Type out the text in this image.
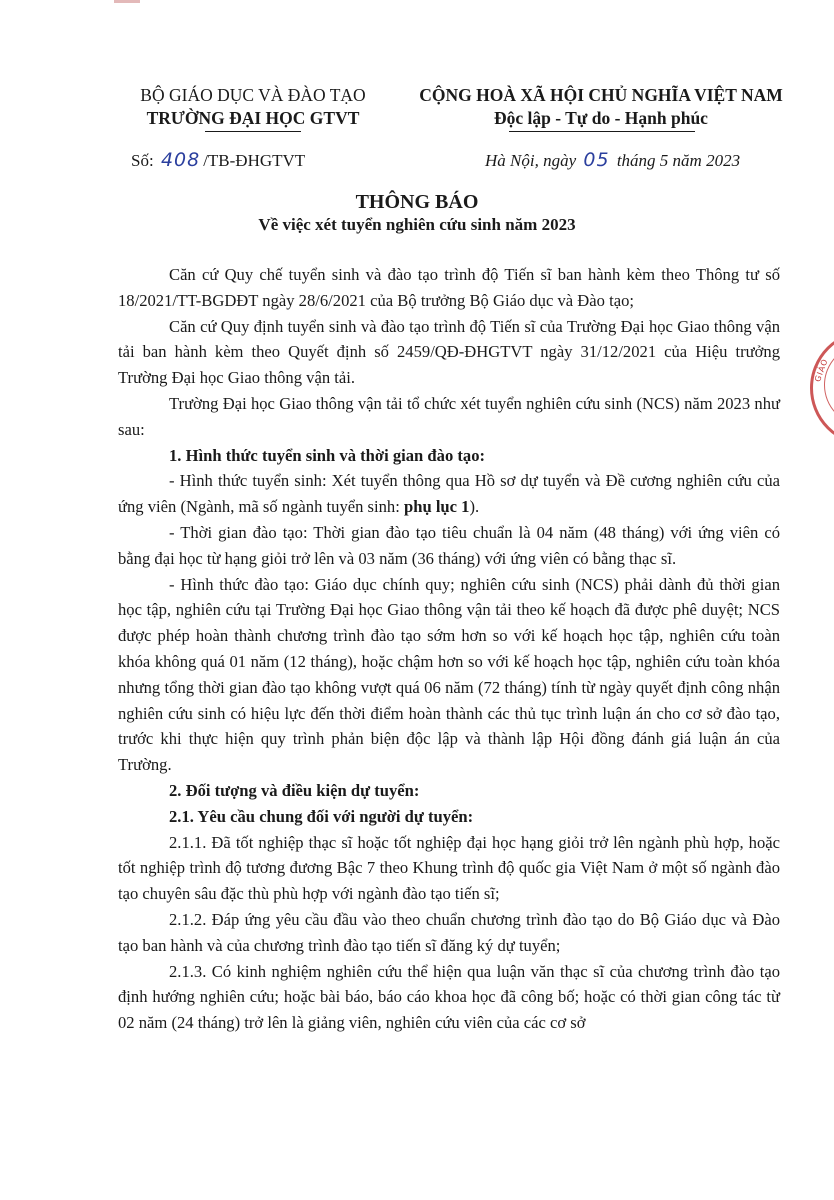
BỘ GIÁO DỤC VÀ ĐÀO TẠO
TRƯỜNG ĐẠI HỌC GTVT
CỘNG HOÀ XÃ HỘI CHỦ NGHĨA VIỆT NAM
Độc lập - Tự do - Hạnh phúc
Số: 408 /TB-ĐHGTVT	Hà Nội, ngày 05 tháng 5 năm 2023
THÔNG BÁO
Về việc xét tuyển nghiên cứu sinh năm 2023
GIÁO

Căn cứ Quy chế tuyển sinh và đào tạo trình độ Tiến sĩ ban hành kèm theo Thông tư số 18/2021/TT-BGDĐT ngày 28/6/2021 của Bộ trưởng Bộ Giáo dục và Đào tạo;

Căn cứ Quy định tuyển sinh và đào tạo trình độ Tiến sĩ của Trường Đại học Giao thông vận tải ban hành kèm theo Quyết định số 2459/QĐ-ĐHGTVT ngày 31/12/2021 của Hiệu trưởng Trường Đại học Giao thông vận tải.

Trường Đại học Giao thông vận tải tổ chức xét tuyển nghiên cứu sinh (NCS) năm 2023 như sau:

1. Hình thức tuyển sinh và thời gian đào tạo:

- Hình thức tuyển sinh: Xét tuyển thông qua Hồ sơ dự tuyển và Đề cương nghiên cứu của ứng viên (Ngành, mã số ngành tuyển sinh: phụ lục 1).

- Thời gian đào tạo: Thời gian đào tạo tiêu chuẩn là 04 năm (48 tháng) với ứng viên có bằng đại học từ hạng giỏi trở lên và 03 năm (36 tháng) với ứng viên có bằng thạc sĩ.

- Hình thức đào tạo: Giáo dục chính quy; nghiên cứu sinh (NCS) phải dành đủ thời gian học tập, nghiên cứu tại Trường Đại học Giao thông vận tải theo kế hoạch đã được phê duyệt; NCS được phép hoàn thành chương trình đào tạo sớm hơn so với kế hoạch học tập, nghiên cứu toàn khóa không quá 01 năm (12 tháng), hoặc chậm hơn so với kế hoạch học tập, nghiên cứu toàn khóa nhưng tổng thời gian đào tạo không vượt quá 06 năm (72 tháng) tính từ ngày quyết định công nhận nghiên cứu sinh có hiệu lực đến thời điểm hoàn thành các thủ tục trình luận án cho cơ sở đào tạo, trước khi thực hiện quy trình phản biện độc lập và thành lập Hội đồng đánh giá luận án của Trường.

2. Đối tượng và điều kiện dự tuyển:

2.1. Yêu cầu chung đối với người dự tuyển:

2.1.1. Đã tốt nghiệp thạc sĩ hoặc tốt nghiệp đại học hạng giỏi trở lên ngành phù hợp, hoặc tốt nghiệp trình độ tương đương Bậc 7 theo Khung trình độ quốc gia Việt Nam ở một số ngành đào tạo chuyên sâu đặc thù phù hợp với ngành đào tạo tiến sĩ;

2.1.2. Đáp ứng yêu cầu đầu vào theo chuẩn chương trình đào tạo do Bộ Giáo dục và Đào tạo ban hành và của chương trình đào tạo tiến sĩ đăng ký dự tuyển;

2.1.3. Có kinh nghiệm nghiên cứu thể hiện qua luận văn thạc sĩ của chương trình đào tạo định hướng nghiên cứu; hoặc bài báo, báo cáo khoa học đã công bố; hoặc có thời gian công tác từ 02 năm (24 tháng) trở lên là giảng viên, nghiên cứu viên của các cơ sở
